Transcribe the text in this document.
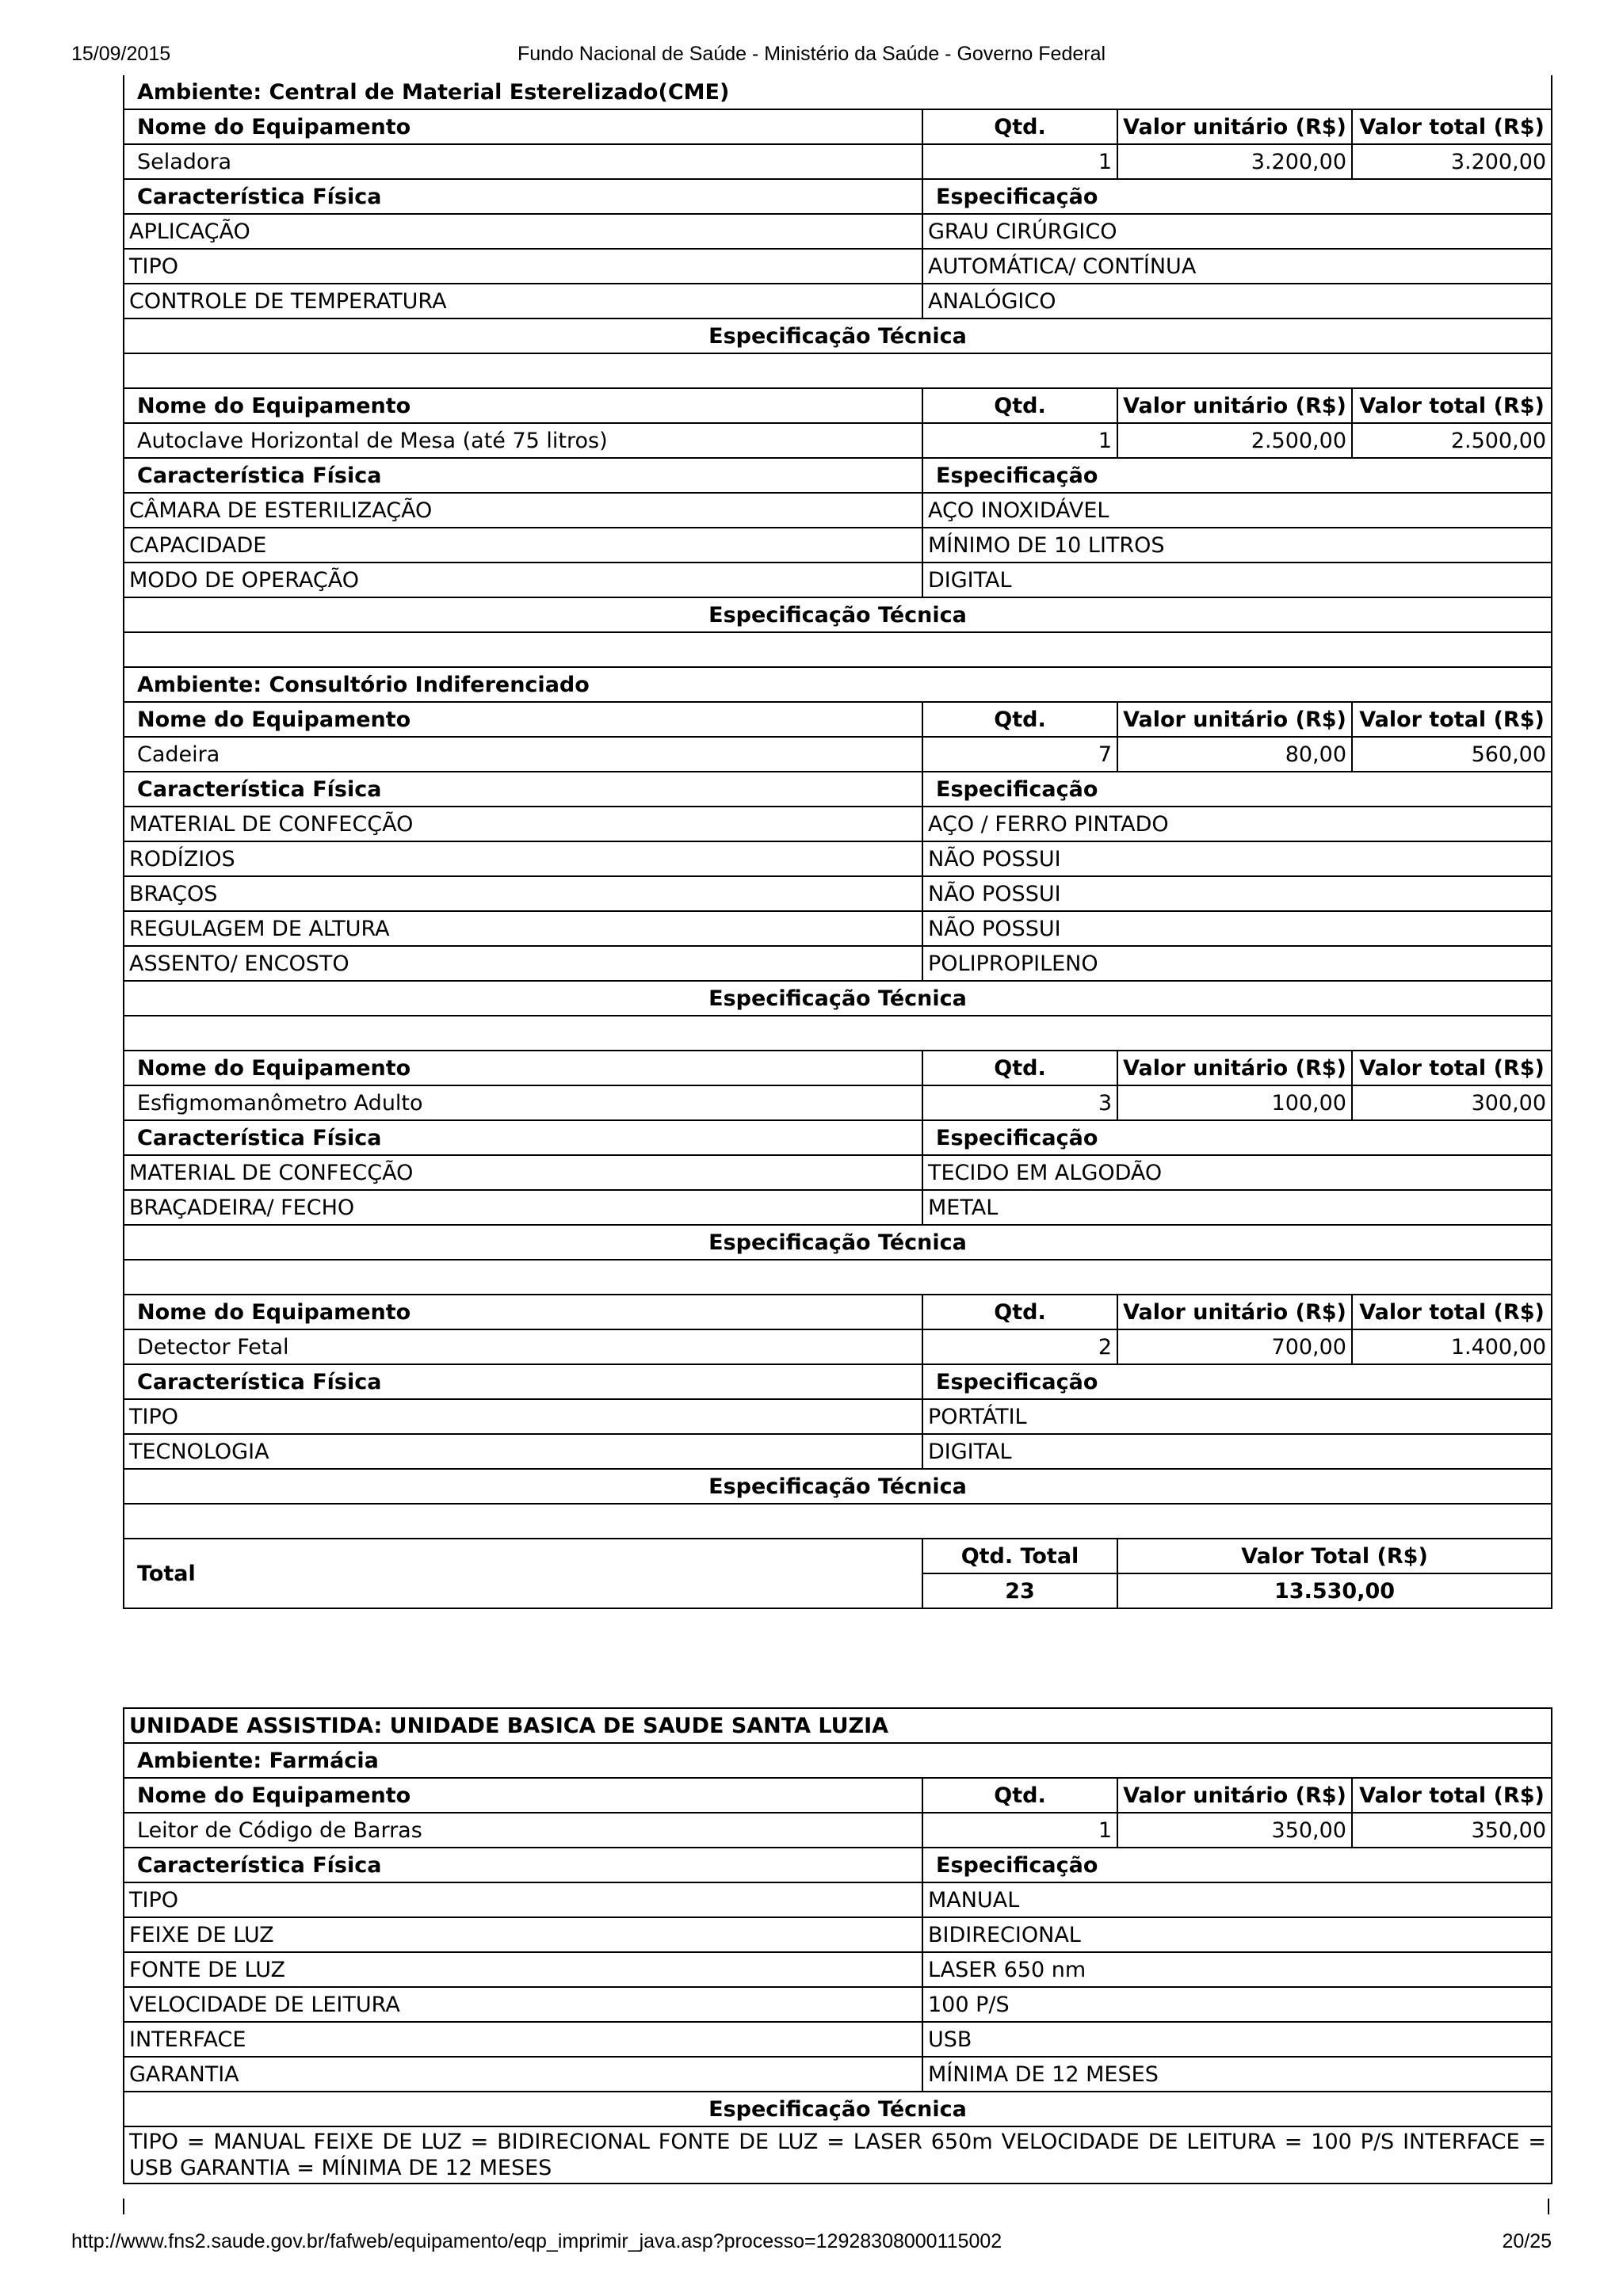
15/09/2015	Fundo Nacional de Saúde - Ministério da Saúde - Governo Federal
Ambiente: Central de Material Esterelizado(CME)			
Nome do Equipamento	Qtd.	Valor unitário (R$)	Valor total (R$)
Seladora	1	3.200,00	3.200,00
Característica Física	Especificação		
APLICAÇÃO	GRAU CIRÚRGICO		
TIPO	AUTOMÁTICA/ CONTÍNUA		
CONTROLE DE TEMPERATURA	ANALÓGICO		
Especificação Técnica			

Nome do Equipamento	Qtd.	Valor unitário (R$)	Valor total (R$)
Autoclave Horizontal de Mesa (até 75 litros)	1	2.500,00	2.500,00
Característica Física	Especificação		
CÂMARA DE ESTERILIZAÇÃO	AÇO INOXIDÁVEL		
CAPACIDADE	MÍNIMO DE 10 LITROS		
MODO DE OPERAÇÃO	DIGITAL		
Especificação Técnica			

Ambiente: Consultório Indiferenciado			
Nome do Equipamento	Qtd.	Valor unitário (R$)	Valor total (R$)
Cadeira	7	80,00	560,00
Característica Física	Especificação		
MATERIAL DE CONFECÇÃO	AÇO / FERRO PINTADO		
RODÍZIOS	NÃO POSSUI		
BRAÇOS	NÃO POSSUI		
REGULAGEM DE ALTURA	NÃO POSSUI		
ASSENTO/ ENCOSTO	POLIPROPILENO		
Especificação Técnica			

Nome do Equipamento	Qtd.	Valor unitário (R$)	Valor total (R$)
Esfigmomanômetro Adulto	3	100,00	300,00
Característica Física	Especificação		
MATERIAL DE CONFECÇÃO	TECIDO EM ALGODÃO		
BRAÇADEIRA/ FECHO	METAL		
Especificação Técnica			

Nome do Equipamento	Qtd.	Valor unitário (R$)	Valor total (R$)
Detector Fetal	2	700,00	1.400,00
Característica Física	Especificação		
TIPO	PORTÁTIL		
TECNOLOGIA	DIGITAL		
Especificação Técnica			

Total	Qtd. Total	Valor Total (R$)	
	23	13.530,00	
UNIDADE ASSISTIDA: UNIDADE BASICA DE SAUDE SANTA LUZIA			
Ambiente: Farmácia			
Nome do Equipamento	Qtd.	Valor unitário (R$)	Valor total (R$)
Leitor de Código de Barras	1	350,00	350,00
Característica Física	Especificação		
TIPO	MANUAL		
FEIXE DE LUZ	BIDIRECIONAL		
FONTE DE LUZ	LASER 650 nm		
VELOCIDADE DE LEITURA	100 P/S		
INTERFACE	USB		
GARANTIA	MÍNIMA DE 12 MESES		
Especificação Técnica			
TIPO = MANUAL FEIXE DE LUZ = BIDIRECIONAL FONTE DE LUZ = LASER 650m VELOCIDADE DE LEITURA = 100 P/S INTERFACE = USB GARANTIA = MÍNIMA DE 12 MESES			
http://www.fns2.saude.gov.br/fafweb/equipamento/eqp_imprimir_java.asp?processo=12928308000115002	20/25
